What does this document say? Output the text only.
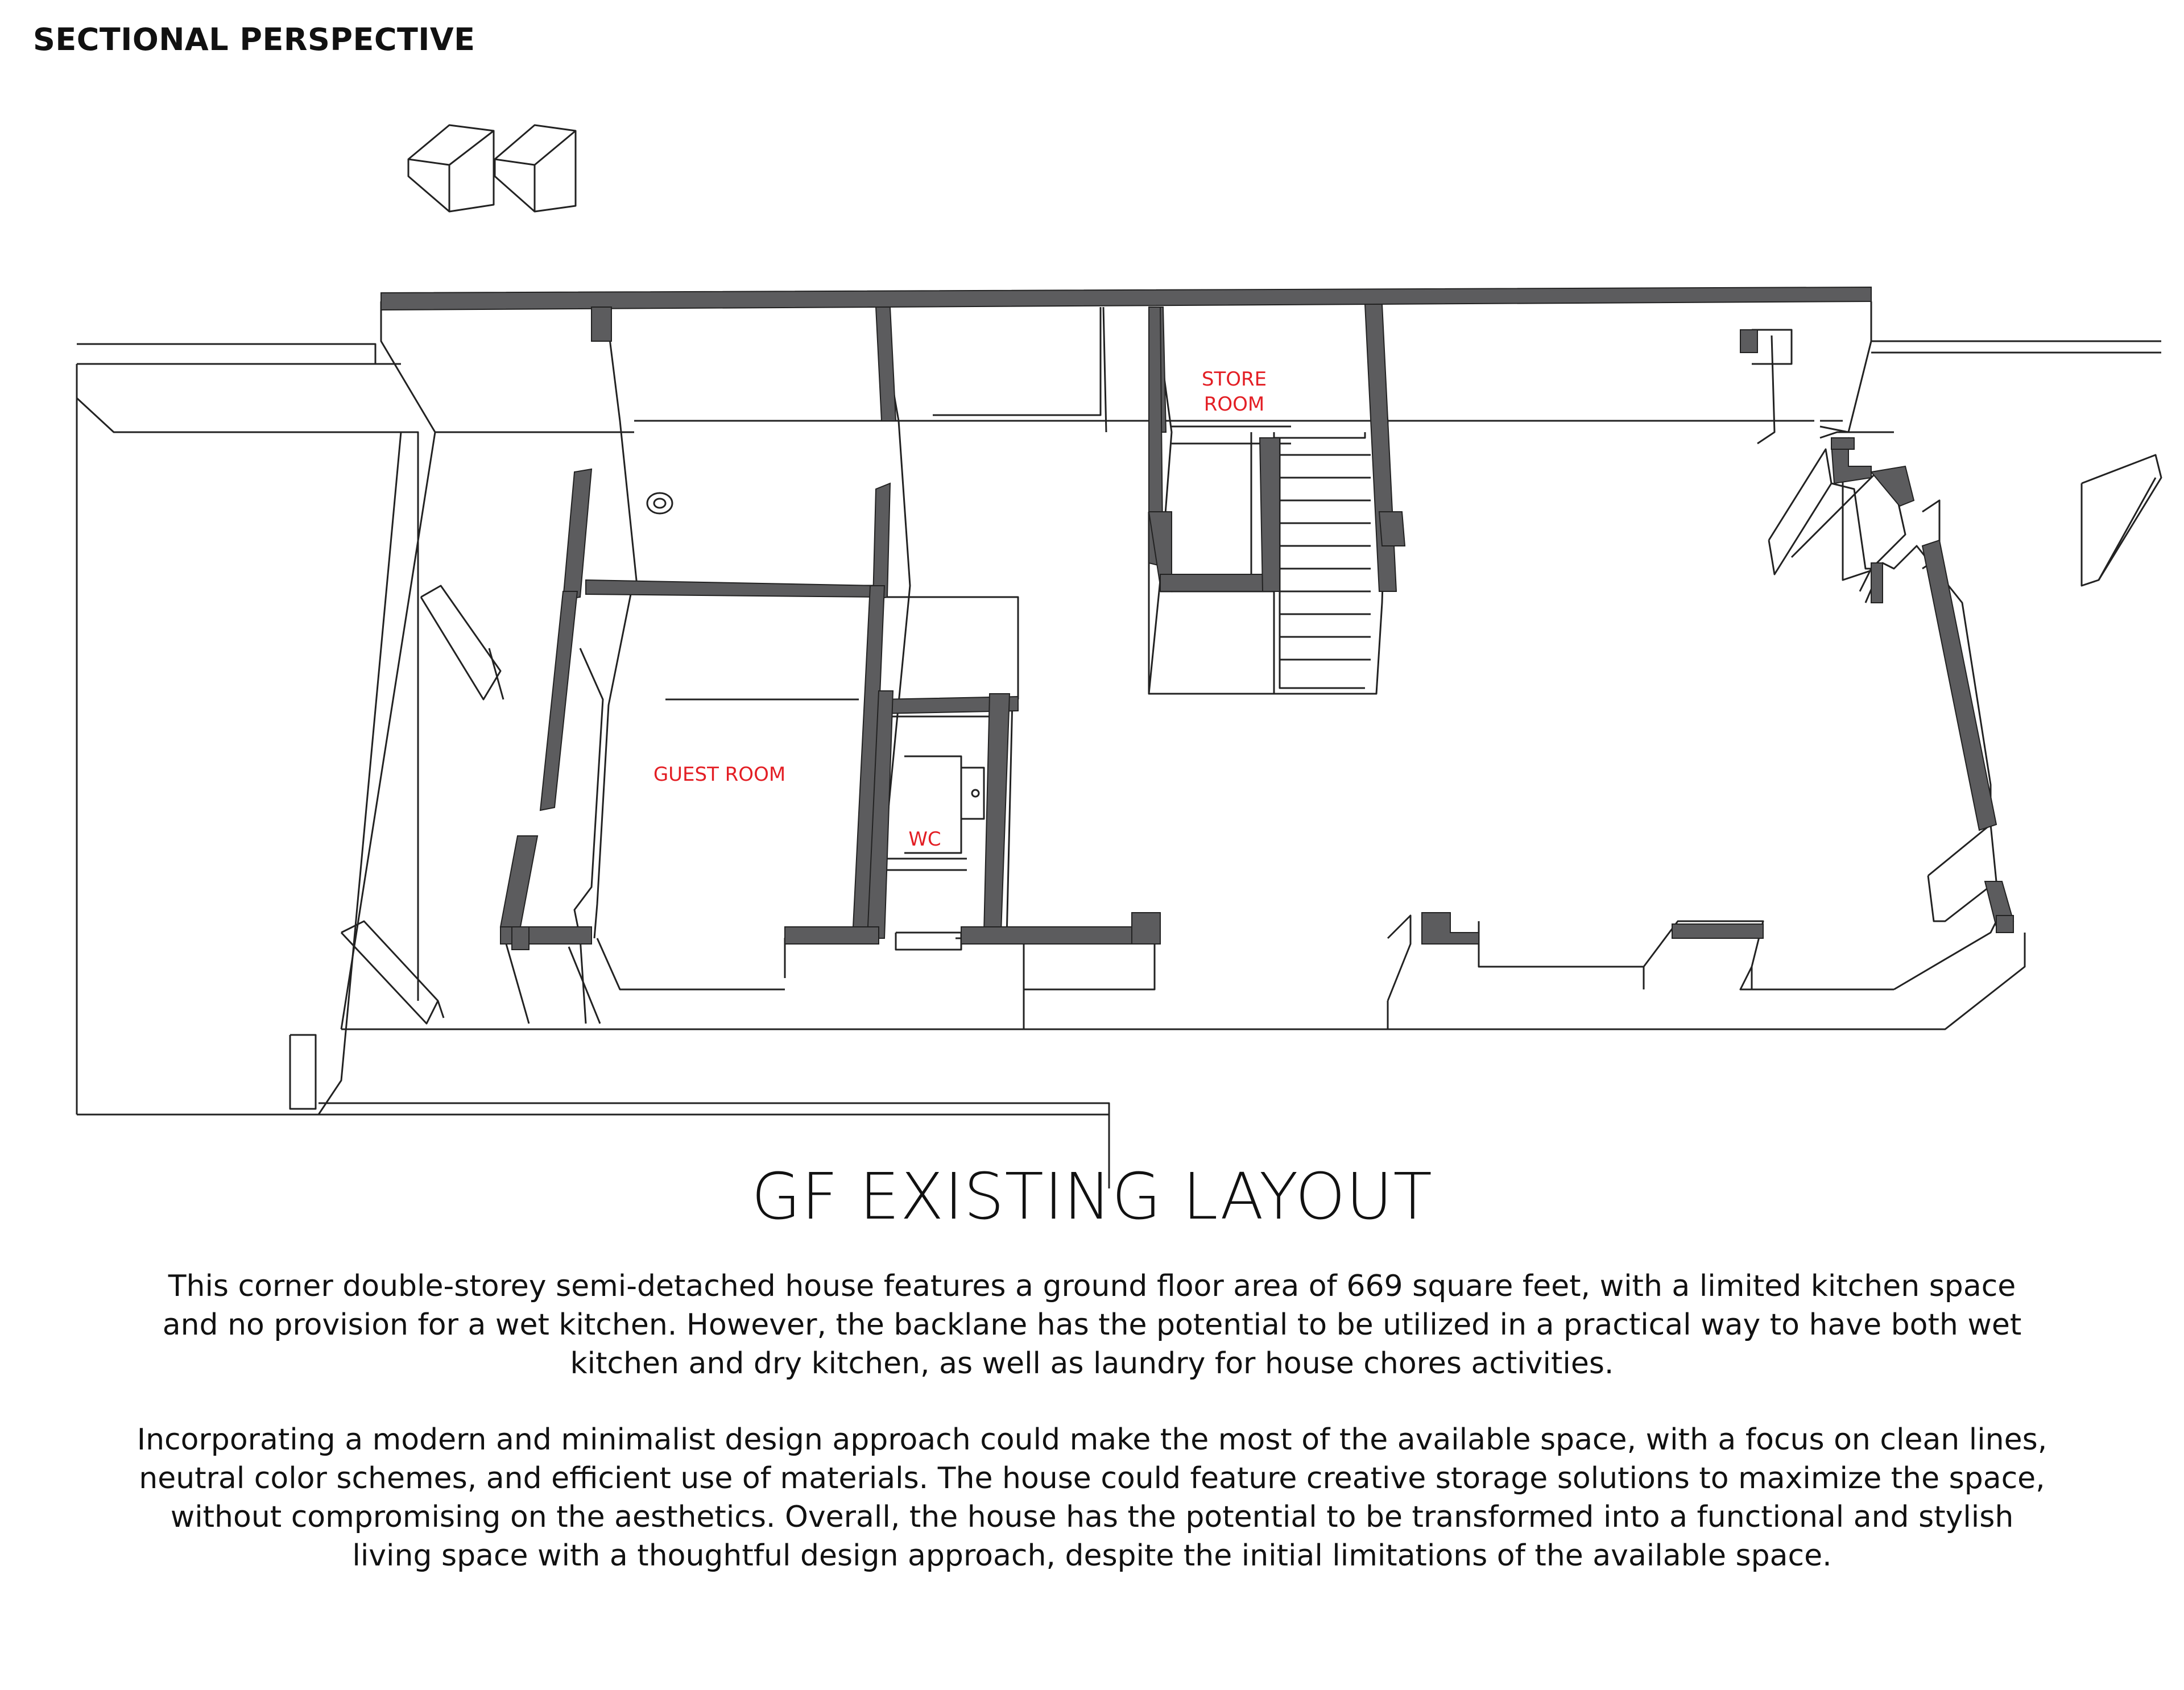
SECTIONAL PERSPECTIVE
STORE
ROOM
GUEST ROOM
WC
GF EXISTING LAYOUT
This corner double-storey semi-detached house features a ground floor area of 669 square feet, with a limited kitchen space and no provision for a wet kitchen. However, the backlane has the potential to be utilized in a practical way to have both wet kitchen and dry kitchen, as well as laundry for house chores activities.
Incorporating a modern and minimalist design approach could make the most of the available space, with a focus on clean lines, neutral color schemes, and efficient use of materials. The house could feature creative storage solutions to maximize the space, without compromising on the aesthetics. Overall, the house has the potential to be transformed into a functional and stylish living space with a thoughtful design approach, despite the initial limitations of the available space.
